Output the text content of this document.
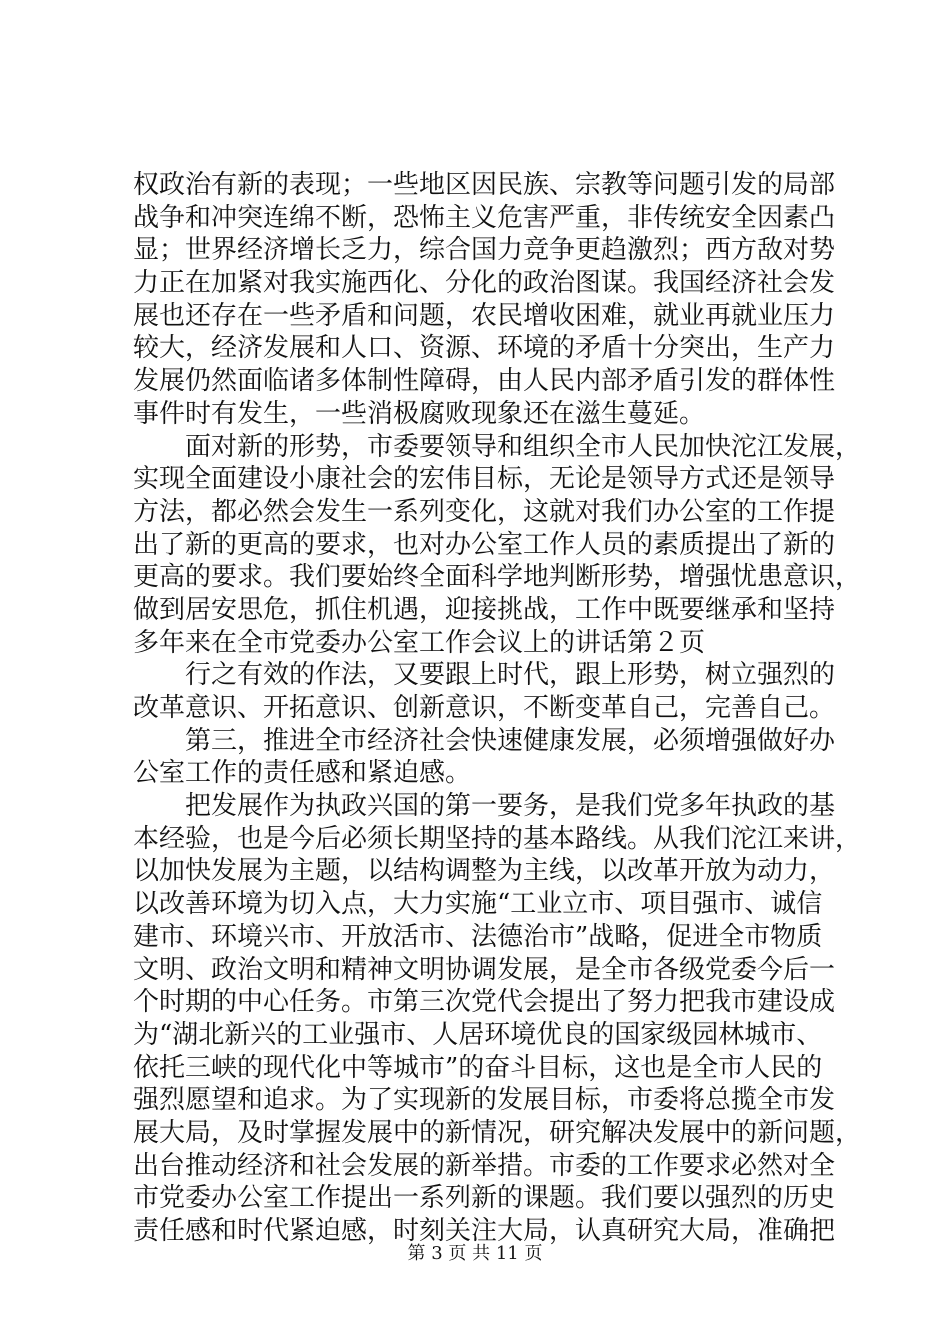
权政治有新的表现；一些地区因民族、宗教等问题引发的局部
战争和冲突连绵不断，恐怖主义危害严重，非传统安全因素凸
显；世界经济增长乏力，综合国力竞争更趋激烈；西方敌对势
力正在加紧对我实施西化、分化的政治图谋。我国经济社会发
展也还存在一些矛盾和问题，农民增收困难，就业再就业压力
较大，经济发展和人口、资源、环境的矛盾十分突出，生产力
发展仍然面临诸多体制性障碍，由人民内部矛盾引发的群体性
事件时有发生，一些消极腐败现象还在滋生蔓延。
面对新的形势，市委要领导和组织全市人民加快沱江发展，
实现全面建设小康社会的宏伟目标，无论是领导方式还是领导
方法，都必然会发生一系列变化，这就对我们办公室的工作提
出了新的更高的要求，也对办公室工作人员的素质提出了新的
更高的要求。我们要始终全面科学地判断形势，增强忧患意识，
做到居安思危，抓住机遇，迎接挑战，工作中既要继承和坚持
多年来在全市党委办公室工作会议上的讲话第２页
行之有效的作法，又要跟上时代，跟上形势，树立强烈的
改革意识、开拓意识、创新意识，不断变革自己，完善自己。
第三，推进全市经济社会快速健康发展，必须增强做好办
公室工作的责任感和紧迫感。
把发展作为执政兴国的第一要务，是我们党多年执政的基
本经验，也是今后必须长期坚持的基本路线。从我们沱江来讲，
以加快发展为主题，以结构调整为主线，以改革开放为动力，
以改善环境为切入点，大力实施“工业立市、项目强市、诚信
建市、环境兴市、开放活市、法德治市”战略，促进全市物质
文明、政治文明和精神文明协调发展，是全市各级党委今后一
个时期的中心任务。市第三次党代会提出了努力把我市建设成
为“湖北新兴的工业强市、人居环境优良的国家级园林城市、
依托三峡的现代化中等城市”的奋斗目标，这也是全市人民的
强烈愿望和追求。为了实现新的发展目标，市委将总揽全市发
展大局，及时掌握发展中的新情况，研究解决发展中的新问题，
出台推动经济和社会发展的新举措。市委的工作要求必然对全
市党委办公室工作提出一系列新的课题。我们要以强烈的历史
责任感和时代紧迫感，时刻关注大局，认真研究大局，准确把
第 3 页 共 11 页
